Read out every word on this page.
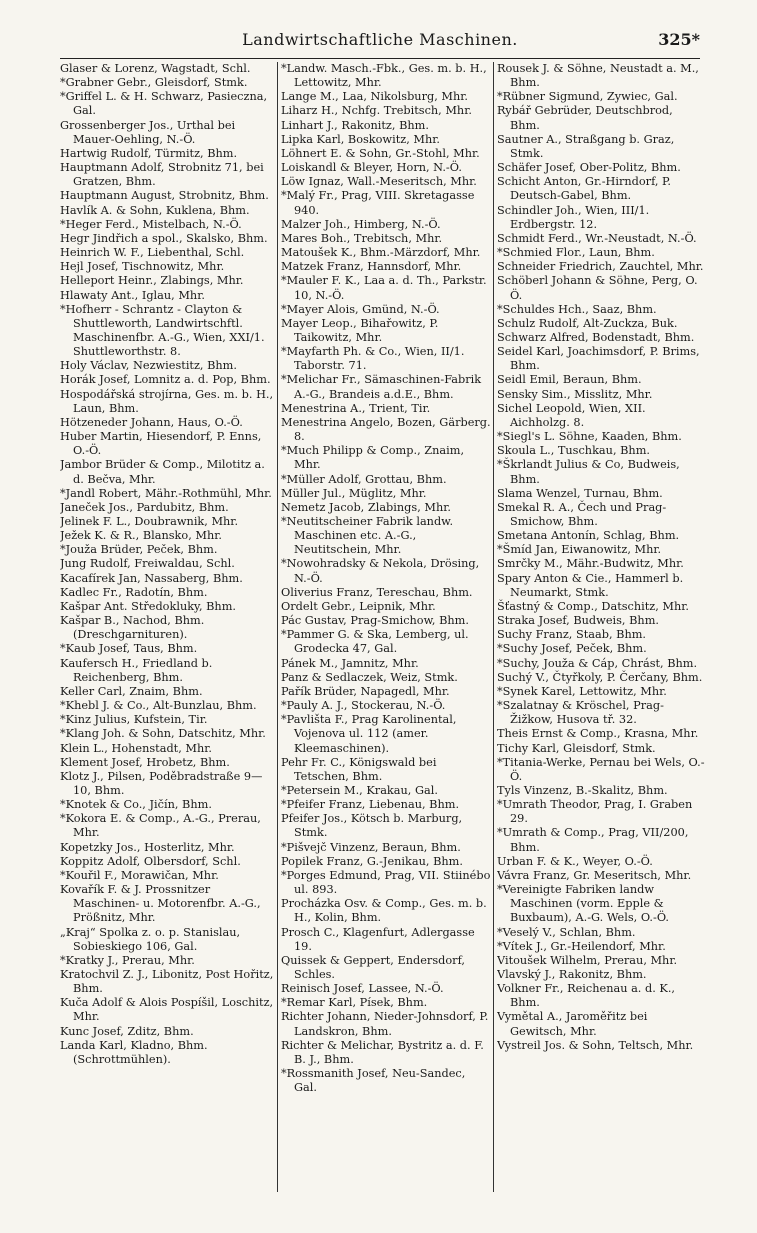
Landwirtschaftliche Maschinen.	325*

Glaser & Lorenz, Wagstadt, Schl.

*Grabner Gebr., Gleisdorf, Stmk.

*Griffel L. & H. Schwarz, Pasieczna, Gal.

Grossenberger Jos., Urthal bei Mauer-Oehling, N.-Ö.

Hartwig Rudolf, Türmitz, Bhm.

Hauptmann Adolf, Strobnitz 71, bei Gratzen, Bhm.

Hauptmann August, Strobnitz, Bhm.

Havlík A. & Sohn, Kuklena, Bhm.

*Heger Ferd., Mistelbach, N.-Ö.

Hegr Jindřich a spol., Skalsko, Bhm.

Heinrich W. F., Liebenthal, Schl.

Hejl Josef, Tischnowitz, Mhr.

Helleport Heinr., Zlabings, Mhr.

Hlawaty Ant., Iglau, Mhr.

*Hofherr - Schrantz - Clayton & Shuttleworth, Landwirtschftl. Maschinenfbr. A.-G., Wien, XXI/1. Shuttleworthstr. 8.

Holy Václav, Nezwiestitz, Bhm.

Horák Josef, Lomnitz a. d. Pop, Bhm.

Hospodářská strojírna, Ges. m. b. H., Laun, Bhm.

Hötzeneder Johann, Haus, O.-Ö.

Huber Martin, Hiesendorf, P. Enns, O.-Ö.

Jambor Brüder & Comp., Milotitz a. d. Bečva, Mhr.

*Jandl Robert, Mähr.-Rothmühl, Mhr.

Janeček Jos., Pardubitz, Bhm.

Jelinek F. L., Doubrawnik, Mhr.

Ježek K. & R., Blansko, Mhr.

*Jouža Brüder, Peček, Bhm.

Jung Rudolf, Freiwaldau, Schl.

Kacafírek Jan, Nassaberg, Bhm.

Kadlec Fr., Radotín, Bhm.

Kašpar Ant. Středokluky, Bhm.

Kašpar B., Nachod, Bhm. (Dreschgarnituren).

*Kaub Josef, Taus, Bhm.

Kaufersch H., Friedland b. Reichenberg, Bhm.

Keller Carl, Znaim, Bhm.

*Khebl J. & Co., Alt-Bunzlau, Bhm.

*Kinz Julius, Kufstein, Tir.

*Klang Joh. & Sohn, Datschitz, Mhr.

Klein L., Hohenstadt, Mhr.

Klement Josef, Hrobetz, Bhm.

Klotz J., Pilsen, Poděbradstraße 9—10, Bhm.

*Knotek & Co., Jičín, Bhm.

*Kokora E. & Comp., A.-G., Prerau, Mhr.

Kopetzky Jos., Hosterlitz, Mhr.

Koppitz Adolf, Olbersdorf, Schl.

*Kouřil F., Morawičan, Mhr.

Kovařík F. & J. Prossnitzer Maschinen- u. Motorenfbr. A.-G., Prößnitz, Mhr.

„Kraj“ Spolka z. o. p. Stanislau, Sobieskiego 106, Gal.

*Kratky J., Prerau, Mhr.

Kratochvil Z. J., Libonitz, Post Hořitz, Bhm.

Kuča Adolf & Alois Pospíšil, Loschitz, Mhr.

Kunc Josef, Zditz, Bhm.

Landa Karl, Kladno, Bhm. (Schrottmühlen).

*Landw. Masch.-Fbk., Ges. m. b. H., Lettowitz, Mhr.

Lange M., Laa, Nikolsburg, Mhr.

Liharz H., Nchfg. Trebitsch, Mhr.

Linhart J., Rakonitz, Bhm.

Lipka Karl, Boskowitz, Mhr.

Löhnert E. & Sohn, Gr.-Stohl, Mhr.

Loiskandl & Bleyer, Horn, N.-Ö.

Löw Ignaz, Wall.-Meseritsch, Mhr.

*Malý Fr., Prag, VIII. Skretagasse 940.

Malzer Joh., Himberg, N.-Ö.

Mares Boh., Trebitsch, Mhr.

Matoušek K., Bhm.-Märzdorf, Mhr.

Matzek Franz, Hannsdorf, Mhr.

*Mauler F. K., Laa a. d. Th., Parkstr. 10, N.-Ö.

*Mayer Alois, Gmünd, N.-Ö.

Mayer Leop., Bihařowitz, P. Taikowitz, Mhr.

*Mayfarth Ph. & Co., Wien, II/1. Taborstr. 71.

*Melichar Fr., Sämaschinen-Fabrik A.-G., Brandeis a.d.E., Bhm.

Menestrina A., Trient, Tir.

Menestrina Angelo, Bozen, Gärberg. 8.

*Much Philipp & Comp., Znaim, Mhr.

*Müller Adolf, Grottau, Bhm.

Müller Jul., Müglitz, Mhr.

Nemetz Jacob, Zlabings, Mhr.

*Neutitscheiner Fabrik landw. Maschinen etc. A.-G., Neutitschein, Mhr.

*Nowohradsky & Nekola, Drösing, N.-Ö.

Oliverius Franz, Tereschau, Bhm.

Ordelt Gebr., Leipnik, Mhr.

Pác Gustav, Prag-Smichow, Bhm.

*Pammer G. & Ska, Lemberg, ul. Grodecka 47, Gal.

Pánek M., Jamnitz, Mhr.

Panz & Sedlaczek, Weiz, Stmk.

Pařík Brüder, Napagedl, Mhr.

*Pauly A. J., Stockerau, N.-Ö.

*Pavlišta F., Prag Karolinental, Vojenova ul. 112 (amer. Kleemaschinen).

Pehr Fr. C., Königswald bei Tetschen, Bhm.

*Petersein M., Krakau, Gal.

*Pfeifer Franz, Liebenau, Bhm.

Pfeifer Jos., Kötsch b. Marburg, Stmk.

*Pišvejč Vinzenz, Beraun, Bhm.

Popilek Franz, G.-Jenikau, Bhm.

*Porges Edmund, Prag, VII. Stiinébo ul. 893.

Procházka Osv. & Comp., Ges. m. b. H., Kolin, Bhm.

Prosch C., Klagenfurt, Adlergasse 19.

Quissek & Geppert, Endersdorf, Schles.

Reinisch Josef, Lassee, N.-Ö.

*Remar Karl, Písek, Bhm.

Richter Johann, Nieder-Johnsdorf, P. Landskron, Bhm.

Richter & Melichar, Bystritz a. d. F. B. J., Bhm.

*Rossmanith Josef, Neu-Sandec, Gal.

Rousek J. & Söhne, Neustadt a. M., Bhm.

*Rübner Sigmund, Zywiec, Gal.

Rybář Gebrüder, Deutschbrod, Bhm.

Sautner A., Straßgang b. Graz, Stmk.

Schäfer Josef, Ober-Politz, Bhm.

Schicht Anton, Gr.-Hirndorf, P. Deutsch-Gabel, Bhm.

Schindler Joh., Wien, III/1. Erdbergstr. 12.

Schmidt Ferd., Wr.-Neustadt, N.-Ö.

*Schmied Flor., Laun, Bhm.

Schneider Friedrich, Zauchtel, Mhr.

Schöberl Johann & Söhne, Perg, O. Ö.

*Schuldes Hch., Saaz, Bhm.

Schulz Rudolf, Alt-Zuckza, Buk.

Schwarz Alfred, Bodenstadt, Bhm.

Seidel Karl, Joachimsdorf, P. Brims, Bhm.

Seidl Emil, Beraun, Bhm.

Sensky Sim., Misslitz, Mhr.

Sichel Leopold, Wien, XII. Aichholzg. 8.

*Siegl's L. Söhne, Kaaden, Bhm.

Skoula L., Tuschkau, Bhm.

*Škrlandt Julius & Co, Budweis, Bhm.

Slama Wenzel, Turnau, Bhm.

Smekal R. A., Čech und Prag-Smichow, Bhm.

Smetana Antonín, Schlag, Bhm.

*Šmíd Jan, Eiwanowitz, Mhr.

Smrčky M., Mähr.-Budwitz, Mhr.

Spary Anton & Cie., Hammerl b. Neumarkt, Stmk.

Šťastný & Comp., Datschitz, Mhr.

Straka Josef, Budweis, Bhm.

Suchy Franz, Staab, Bhm.

*Suchy Josef, Peček, Bhm.

*Suchy, Jouža & Cáp, Chrást, Bhm.

Suchý V., Čtyřkoly, P. Čerčany, Bhm.

*Synek Karel, Lettowitz, Mhr.

*Szalatnay & Kröschel, Prag-Žižkow, Husova tř. 32.

Theis Ernst & Comp., Krasna, Mhr.

Tichy Karl, Gleisdorf, Stmk.

*Titania-Werke, Pernau bei Wels, O.-Ö.

Tyls Vinzenz, B.-Skalitz, Bhm.

*Umrath Theodor, Prag, I. Graben 29.

*Umrath & Comp., Prag, VII/200, Bhm.

Urban F. & K., Weyer, O.-Ö.

Vávra Franz, Gr. Meseritsch, Mhr.

*Vereinigte Fabriken landw Maschinen (vorm. Epple & Buxbaum), A.-G. Wels, O.-Ö.

*Veselý V., Schlan, Bhm.

*Vítek J., Gr.-Heilendorf, Mhr.

Vitoušek Wilhelm, Prerau, Mhr.

Vlavský J., Rakonitz, Bhm.

Volkner Fr., Reichenau a. d. K., Bhm.

Vymětal A., Jaroměřitz bei Gewitsch, Mhr.

Vystreil Jos. & Sohn, Teltsch, Mhr.
